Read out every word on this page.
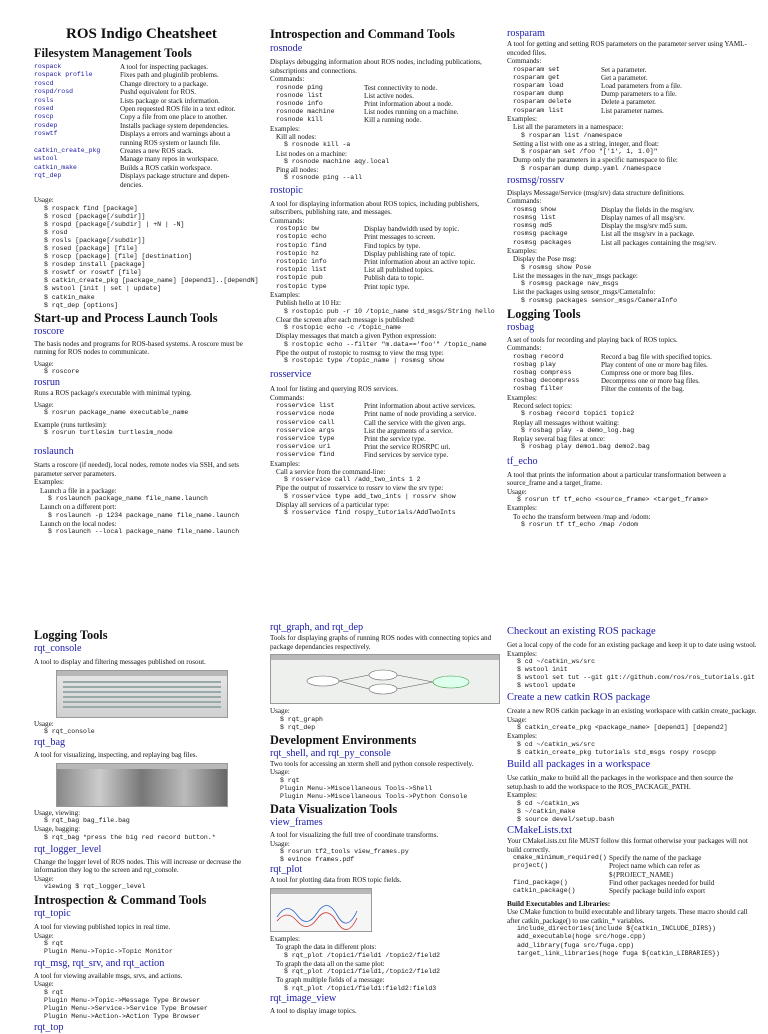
ROS Indigo Cheatsheet
Filesystem Management Tools
rospack	A tool for inspecting packages.
rospack profile	Fixes path and pluginlib problems.
roscd	Change directory to a package.
rospd/rosd	Pushd equivalent for ROS.
rosls	Lists package or stack information.
rosed	Open requested ROS file in a text editor.
roscp	Copy a file from one place to another.
rosdep	Installs package system dependencies.
roswtf	Displays a errors and warnings about a
	running ROS system or launch file.
catkin_create_pkg	Creates a new ROS stack.
wstool	Manage many repos in workspace.
catkin_make	Builds a ROS catkin workspace.
rqt_dep	Displays package structure and depen-
	dencies.
Usage:
$ rospack find [package]
$ roscd [package[/subdir]]
$ rospd [package[/subdir] | +N | -N]
$ rosd
$ rosls [package[/subdir]]
$ rosed [package] [file]
$ roscp [package] [file] [destination]
$ rosdep install [package]
$ roswtf or roswtf [file]
$ catkin_create_pkg [package_name] [depend1]..[dependN]
$ wstool [init | set | update]
$ catkin_make
$ rqt_dep [options]
Start-up and Process Launch Tools
roscore
The basis nodes and programs for ROS-based systems. A roscore must be running for ROS nodes to communicate.
Usage:
$ roscore
rosrun
Runs a ROS package's executable with minimal typing.
Usage:
$ rosrun package_name executable_name
Example (runs turtlesim):
$ rosrun turtlesim turtlesim_node
roslaunch
Starts a roscore (if needed), local nodes, remote nodes via SSH, and sets parameter server parameters.
Examples:
Launch a file in a package:
$ roslaunch package_name file_name.launch
Launch on a different port:
$ roslaunch -p 1234 package_name file_name.launch
Launch on the local nodes:
$ roslaunch --local package_name file_name.launch
Introspection and Command Tools
rosnode
Displays debugging information about ROS nodes, including publications, subscriptions and connections.
Commands:
rosnode ping	Test connectivity to node.
rosnode list	List active nodes.
rosnode info	Print information about a node.
rosnode machine	List nodes running on a machine.
rosnode kill	Kill a running node.
Examples:
Kill all nodes:
$ rosnode kill -a
List nodes on a machine:
$ rosnode machine aqy.local
Ping all nodes:
$ rosnode ping --all
rostopic
A tool for displaying information about ROS topics, including publishers, subscribers, publishing rate, and messages.
Commands:
rostopic bw	Display bandwidth used by topic.
rostopic echo	Print messages to screen.
rostopic find	Find topics by type.
rostopic hz	Display publishing rate of topic.
rostopic info	Print information about an active topic.
rostopic list	List all published topics.
rostopic pub	Publish data to topic.
rostopic type	Print topic type.
Examples:
Publish hello at 10 Hz:
$ rostopic pub -r 10 /topic_name std_msgs/String hello
Clear the screen after each message is published:
$ rostopic echo -c /topic_name
Display messages that match a given Python expression:
$ rostopic echo --filter "m.data=='foo'" /topic_name
Pipe the output of rostopic to rosmsg to view the msg type:
$ rostopic type /topic_name | rosmsg show
rosservice
A tool for listing and querying ROS services.
Commands:
rosservice list	Print information about active services.
rosservice node	Print name of node providing a service.
rosservice call	Call the service with the given args.
rosservice args	List the arguments of a service.
rosservice type	Print the service type.
rosservice uri	Print the service ROSRPC uri.
rosservice find	Find services by service type.
Examples:
Call a service from the command-line:
$ rosservice call /add_two_ints 1 2
Pipe the output of rosservice to rossrv to view the srv type:
$ rosservice type add_two_ints | rossrv show
Display all services of a particular type:
$ rosservice find rospy_tutorials/AddTwoInts
rosparam
A tool for getting and setting ROS parameters on the parameter server using YAML-encoded files.
Commands:
rosparam set	Set a parameter.
rosparam get	Get a parameter.
rosparam load	Load parameters from a file.
rosparam dump	Dump parameters to a file.
rosparam delete	Delete a parameter.
rosparam list	List parameter names.
Examples:
List all the parameters in a namespace:
$ rosparam list /namespace
Setting a list with one as a string, integer, and float:
$ rosparam set /foo "['1', 1, 1.0]"
Dump only the parameters in a specific namespace to file:
$ rosparam dump dump.yaml /namespace
rosmsg/rossrv
Displays Message/Service (msg/srv) data structure definitions.
Commands:
rosmsg show	Display the fields in the msg/srv.
rosmsg list	Display names of all msg/srv.
rosmsg md5	Display the msg/srv md5 sum.
rosmsg package	List all the msg/srv in a package.
rosmsg packages	List all packages containing the msg/srv.
Examples:
Display the Pose msg:
$ rosmsg show Pose
List the messages in the nav_msgs package:
$ rosmsg package nav_msgs
List the packages using sensor_msgs/CameraInfo:
$ rosmsg packages sensor_msgs/CameraInfo
Logging Tools
rosbag
A set of tools for recording and playing back of ROS topics.
Commands:
rosbag record	Record a bag file with specified topics.
rosbag play	Play content of one or more bag files.
rosbag compress	Compress one or more bag files.
rosbag decompress	Decompress one or more bag files.
rosbag filter	Filter the contents of the bag.
Examples:
Record select topics:
$ rosbag record topic1 topic2
Replay all messages without waiting:
$ rosbag play -a demo_log.bag
Replay several bag files at once:
$ rosbag play demo1.bag demo2.bag
tf_echo
A tool that prints the information about a particular transformation between a source_frame and a target_frame.
Usage:
$ rosrun tf tf_echo <source_frame> <target_frame>
Examples:
To echo the transform between /map and /odom:
$ rosrun tf tf_echo /map /odom
Logging Tools
rqt_console
A tool to display and filtering messages published on rosout.
Usage:
$ rqt_console
rqt_bag
A tool for visualizing, inspecting, and replaying bag files.
Usage, viewing:
$ rqt_bag bag_file.bag
Usage, bagging:
$ rqt_bag *press the big red record button.*
rqt_logger_level
Change the logger level of ROS nodes. This will increase or decrease the information they log to the screen and rqt_console.
Usage:
viewing $ rqt_logger_level
Introspection & Command Tools
rqt_topic
A tool for viewing published topics in real time.
Usage:
$ rqt
Plugin Menu->Topic->Topic Monitor
rqt_msg, rqt_srv, and rqt_action
A tool for viewing available msgs, srvs, and actions.
Usage:
$ rqt
Plugin Menu->Topic->Message Type Browser
Plugin Menu->Service->Service Type Browser
Plugin Menu->Action->Action Type Browser
rqt_top
rqt_graph, and rqt_dep
Tools for displaying graphs of running ROS nodes with connecting topics and package dependancies respectively.
Usage:
$ rqt_graph
$ rqt_dep
Development Environments
rqt_shell, and rqt_py_console
Two tools for accessing an xterm shell and python console respectively.
Usage:
$ rqt
Plugin Menu->Miscellaneous Tools->Shell
Plugin Menu->Miscellaneous Tools->Python Console
Data Visualization Tools
view_frames
A tool for visualizing the full tree of coordinate transforms.
Usage:
$ rosrun tf2_tools view_frames.py
$ evince frames.pdf
rqt_plot
A tool for plotting data from ROS topic fields.
Examples:
To graph the data in different plots:
$ rqt_plot /topic1/field1 /topic2/field2
To graph the data all on the same plot:
$ rqt_plot /topic1/field1,/topic2/field2
To graph multiple fields of a message:
$ rqt_plot /topic1/field1:field2:field3
rqt_image_view
A tool to display image topics.
Checkout an existing ROS package
Get a local copy of the code for an existing package and keep it up to date using wstool.
Examples:
$ cd ~/catkin_ws/src
$ wstool init
$ wstool set tut --git git://github.com/ros/ros_tutorials.git
$ wstool update
Create a new catkin ROS package
Create a new ROS catkin package in an existing workspace with catkin create_package.
Usage:
$ catkin_create_pkg <package_name> [depend1] [depend2]
Examples:
$ cd ~/catkin_ws/src
$ catkin_create_pkg tutorials std_msgs rospy roscpp
Build all packages in a workspace
Use catkin_make to build all the packages in the workspace and then source the setup.bash to add the workspace to the ROS_PACKAGE_PATH.
Examples:
$ cd ~/catkin_ws
$ ~/catkin_make
$ source devel/setup.bash
CMakeLists.txt
Your CMakeLists.txt file MUST follow this format otherwise your packages will not build correctly.
cmake_minimum_required()	Specify the name of the package
project()	Project name which can refer as ${PROJECT_NAME}
find_package()	Find other packages needed for build
catkin_package()	Specify package build info export
Build Executables and Libraries:
Use CMake function to build executable and library targets. These macro should call after catkin_package() to use catkin_* variables.
include_directories(include ${catkin_INCLUDE_DIRS})
add_executable(hoge src/hoge.cpp)
add_library(fuga src/fuga.cpp)
target_link_libraries(hoge fuga ${catkin_LIBRARIES})
